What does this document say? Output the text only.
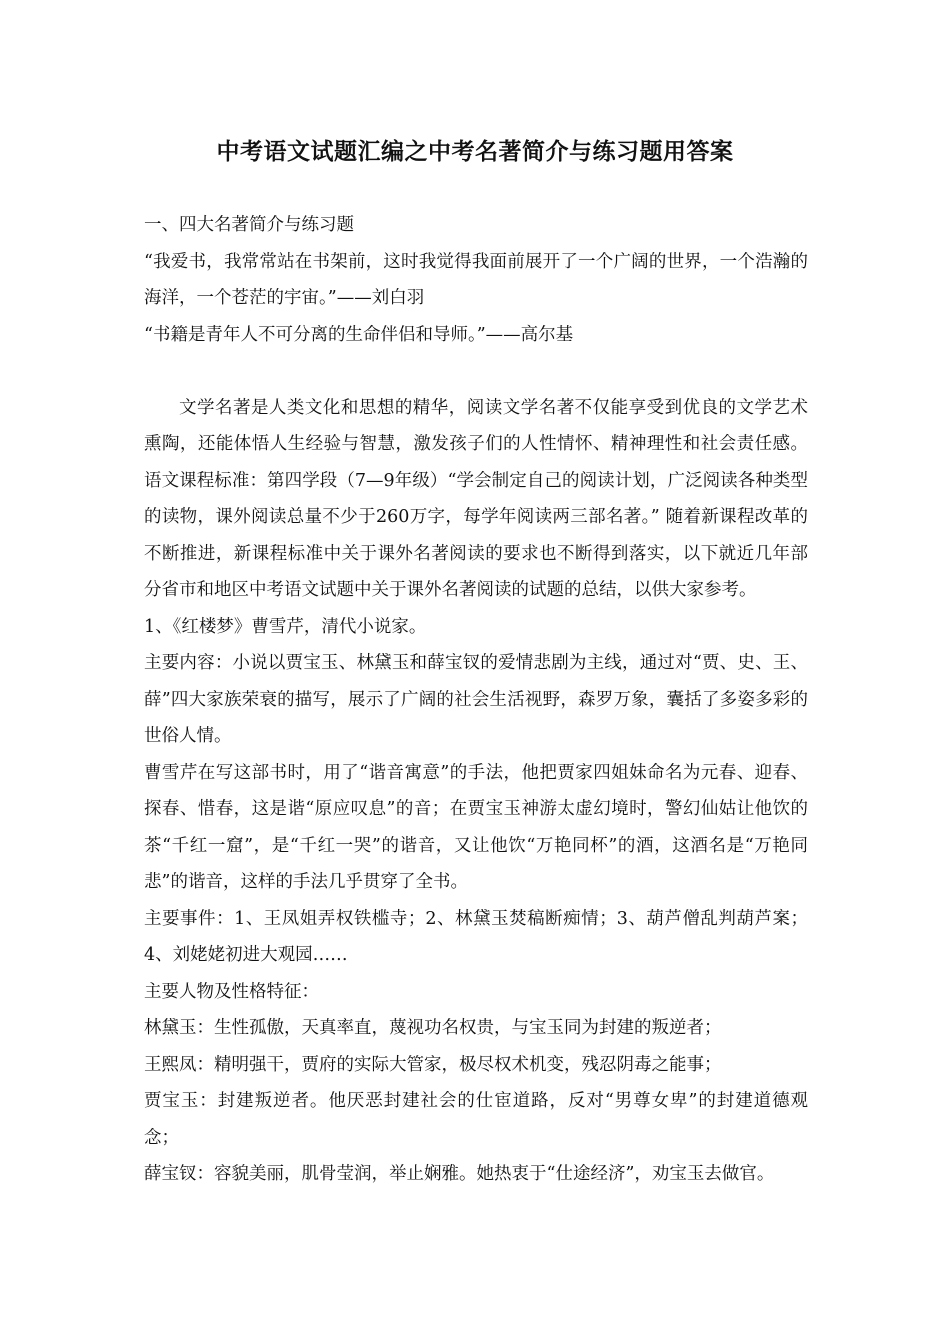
中考语文试题汇编之中考名著简介与练习题用答案

一、四大名著简介与练习题

“我爱书，我常常站在书架前，这时我觉得我面前展开了一个广阔的世界，一个浩瀚的海洋，一个苍茫的宇宙。”——刘白羽

“书籍是青年人不可分离的生命伴侣和导师。”——高尔基

文学名著是人类文化和思想的精华，阅读文学名著不仅能享受到优良的文学艺术熏陶，还能体悟人生经验与智慧，激发孩子们的人性情怀、精神理性和社会责任感。语文课程标准：第四学段（7—9年级）“学会制定自己的阅读计划，广泛阅读各种类型的读物，课外阅读总量不少于260万字，每学年阅读两三部名著。” 随着新课程改革的不断推进，新课程标准中关于课外名著阅读的要求也不断得到落实，以下就近几年部分省市和地区中考语文试题中关于课外名著阅读的试题的总结，以供大家参考。

1、《红楼梦》曹雪芹，清代小说家。

主要内容：小说以贾宝玉、林黛玉和薛宝钗的爱情悲剧为主线，通过对“贾、史、王、薛”四大家族荣衰的描写，展示了广阔的社会生活视野，森罗万象，囊括了多姿多彩的世俗人情。

曹雪芹在写这部书时，用了“谐音寓意”的手法，他把贾家四姐妹命名为元春、迎春、探春、惜春，这是谐“原应叹息”的音；在贾宝玉神游太虚幻境时，警幻仙姑让他饮的茶“千红一窟”，是“千红一哭”的谐音，又让他饮“万艳同杯”的酒，这酒名是“万艳同悲”的谐音，这样的手法几乎贯穿了全书。

主要事件：1、王凤姐弄权铁槛寺；2、林黛玉焚稿断痴情；3、葫芦僧乱判葫芦案；4、刘姥姥初进大观园……

主要人物及性格特征：

林黛玉：生性孤傲，天真率直，蔑视功名权贵，与宝玉同为封建的叛逆者；

王熙凤：精明强干，贾府的实际大管家，极尽权术机变，残忍阴毒之能事；

贾宝玉：封建叛逆者。他厌恶封建社会的仕宦道路，反对“男尊女卑”的封建道德观念；

薛宝钗：容貌美丽，肌骨莹润，举止娴雅。她热衷于“仕途经济”，劝宝玉去做官。
